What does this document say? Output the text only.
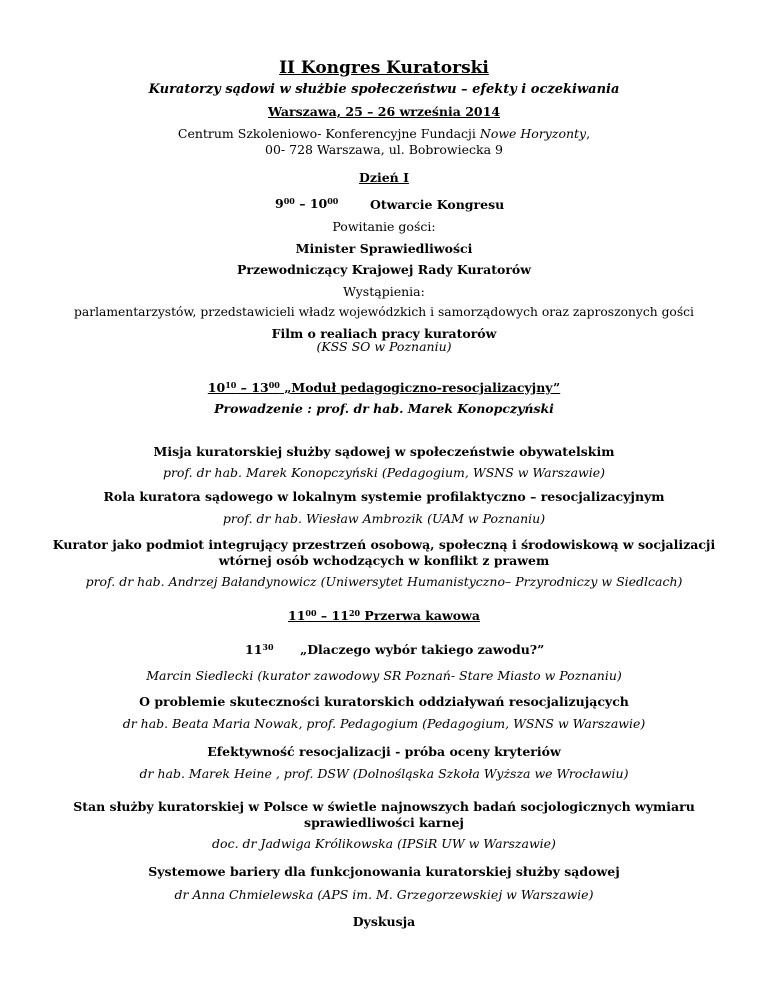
II Kongres Kuratorski
Kuratorzy sądowi w służbie społeczeństwu – efekty i oczekiwania
Warszawa, 25 – 26 września 2014
Centrum Szkoleniowo- Konferencyjne Fundacji Nowe Horyzonty,
00- 728 Warszawa, ul. Bobrowiecka 9
Dzień I
$9^{00} - 10^{00}$	Otwarcie Kongresu
Powitanie gości:
Minister Sprawiedliwości
Przewodniczący Krajowej Rady Kuratorów
Wystąpienia:
parlamentarzystów, przedstawicieli władz wojewódzkich i samorządowych oraz zaproszonych gości
Film o realiach pracy kuratorów
(KSS SO w Poznaniu)
$10^{10} - 13^{00}$ „Moduł pedagogiczno-resocjalizacyjny”
Prowadzenie : prof. dr hab. Marek Konopczyński
Misja kuratorskiej służby sądowej w społeczeństwie obywatelskim
prof. dr hab. Marek Konopczyński (Pedagogium, WSNS w Warszawie)
Rola kuratora sądowego w lokalnym systemie profilaktyczno – resocjalizacyjnym
prof. dr hab. Wiesław Ambrozik (UAM w Poznaniu)
Kurator jako podmiot integrujący przestrzeń osobową, społeczną i środowiskową w socjalizacji
wtórnej osób wchodzących w konflikt z prawem
prof. dr hab. Andrzej Bałandynowicz (Uniwersytet Humanistyczno– Przyrodniczy w Siedlcach)
$11^{00} - 11^{20}$ Przerwa kawowa
$11^{30}$ „Dlaczego wybór takiego zawodu?”
Marcin Siedlecki (kurator zawodowy SR Poznań- Stare Miasto w Poznaniu)
O problemie skuteczności kuratorskich oddziaływań resocjalizujących
dr hab. Beata Maria Nowak, prof. Pedagogium (Pedagogium, WSNS w Warszawie)
Efektywność resocjalizacji - próba oceny kryteriów
dr hab. Marek Heine , prof. DSW (Dolnośląska Szkoła Wyższa we Wrocławiu)
Stan służby kuratorskiej w Polsce w świetle najnowszych badań socjologicznych wymiaru
sprawiedliwości karnej
doc. dr Jadwiga Królikowska (IPSiR UW w Warszawie)
Systemowe bariery dla funkcjonowania kuratorskiej służby sądowej
dr Anna Chmielewska (APS im. M. Grzegorzewskiej w Warszawie)
Dyskusja
